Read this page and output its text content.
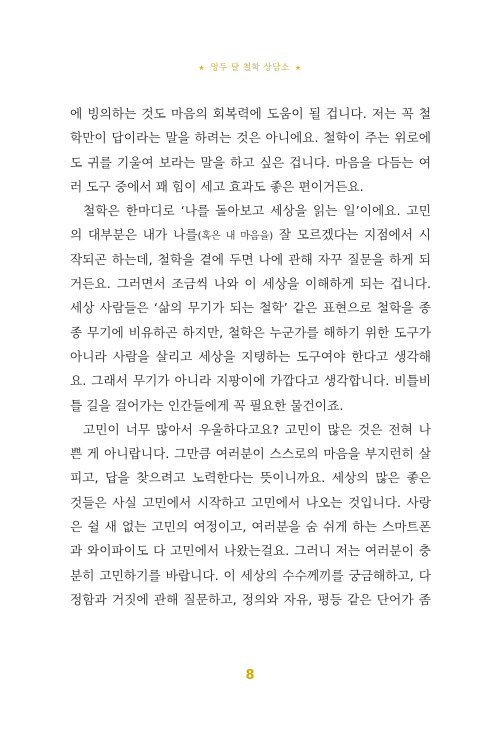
★ 멍두 달 철학 상담소 ★
에 빙의하는 것도 마음의 회복력에 도움이 될 겁니다. 저는 꼭 철
학만이 답이라는 말을 하려는 것은 아니에요. 철학이 주는 위로에
도 귀를 기울여 보라는 말을 하고 싶은 겁니다. 마음을 다듬는 여
러 도구 중에서 꽤 힘이 세고 효과도 좋은 편이거든요.
철학은 한마디로 ‘나를 돌아보고 세상을 읽는 일’이에요. 고민
의 대부분은 내가 나를(혹은 내 마음을) 잘 모르겠다는 지점에서 시
작되곤 하는데, 철학을 곁에 두면 나에 관해 자꾸 질문을 하게 되
거든요. 그러면서 조금씩 나와 이 세상을 이해하게 되는 겁니다.
세상 사람들은 ‘삶의 무기가 되는 철학’ 같은 표현으로 철학을 종
종 무기에 비유하곤 하지만, 철학은 누군가를 해하기 위한 도구가
아니라 사람을 살리고 세상을 지탱하는 도구여야 한다고 생각해
요. 그래서 무기가 아니라 지팡이에 가깝다고 생각합니다. 비틀비
틀 길을 걸어가는 인간들에게 꼭 필요한 물건이죠.
고민이 너무 많아서 우울하다고요? 고민이 많은 것은 전혀 나
쁜 게 아니랍니다. 그만큼 여러분이 스스로의 마음을 부지런히 살
피고, 답을 찾으려고 노력한다는 뜻이니까요. 세상의 많은 좋은
것들은 사실 고민에서 시작하고 고민에서 나오는 것입니다. 사랑
은 쉴 새 없는 고민의 여정이고, 여러분을 숨 쉬게 하는 스마트폰
과 와이파이도 다 고민에서 나왔는걸요. 그러니 저는 여러분이 충
분히 고민하기를 바랍니다. 이 세상의 수수께끼를 궁금해하고, 다
정함과 거짓에 관해 질문하고, 정의와 자유, 평등 같은 단어가 좀
8
